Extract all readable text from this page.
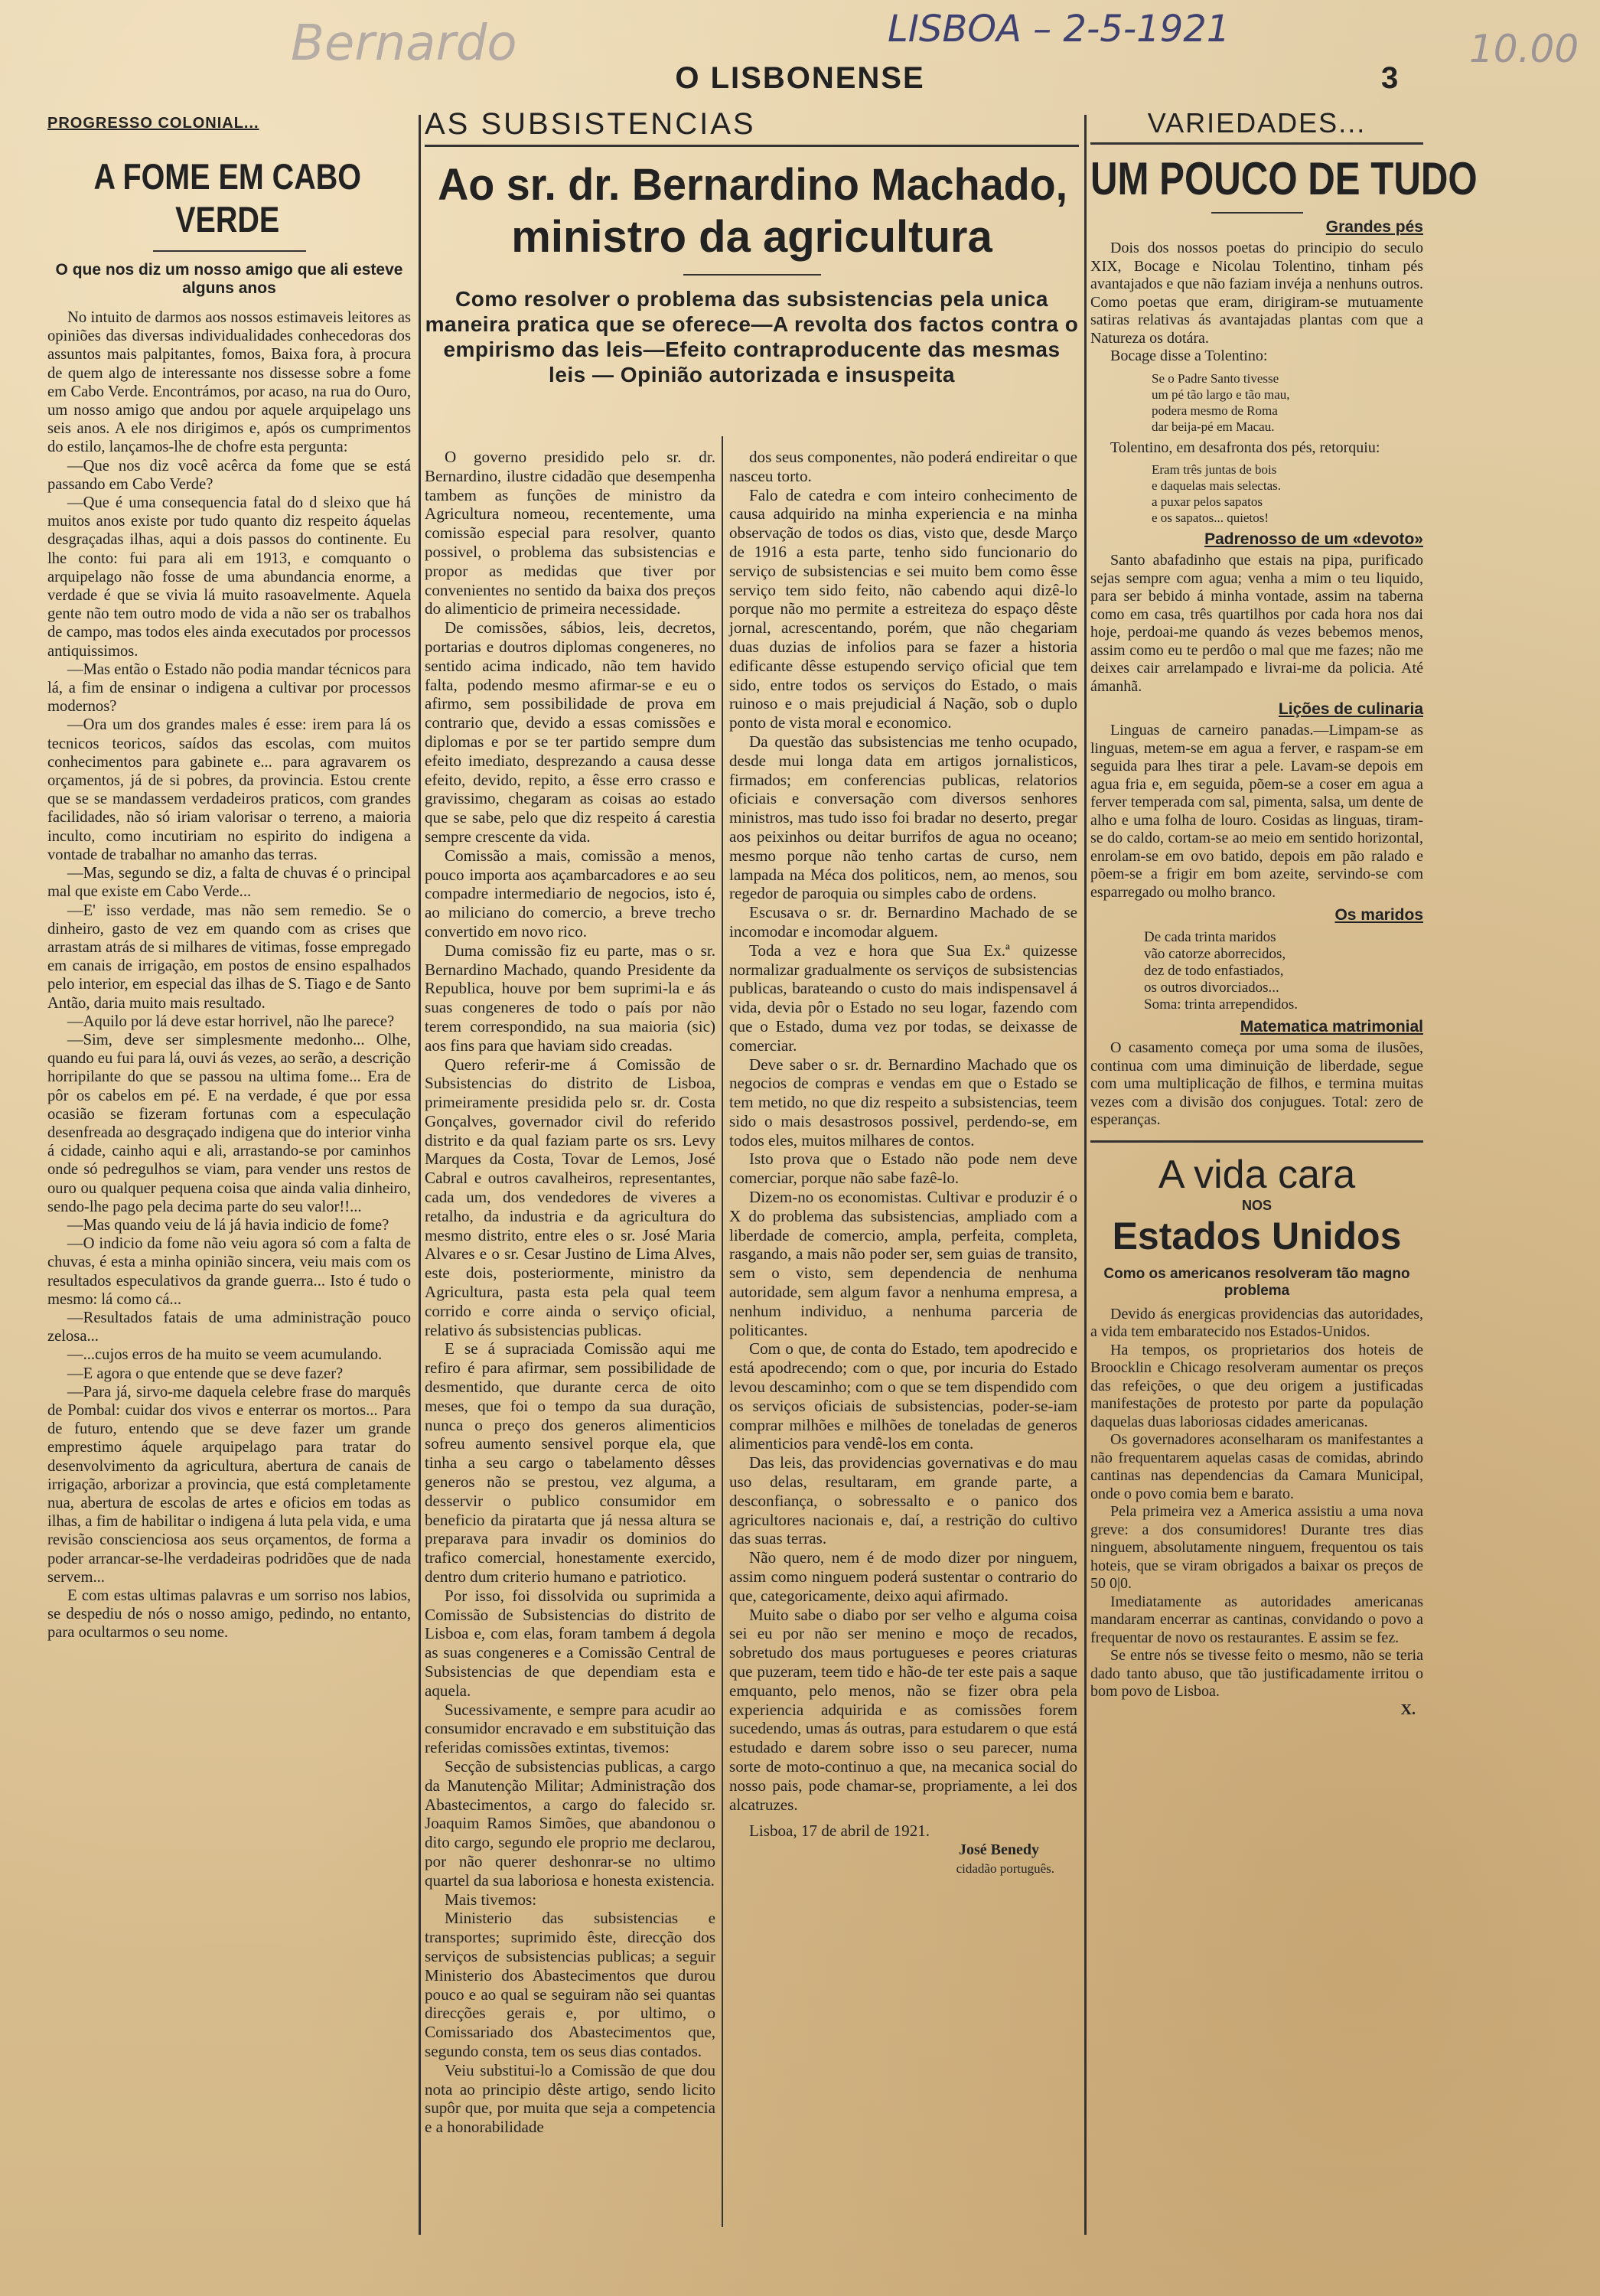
Bernardo	LISBOA – 2-5-1921	10.00
O LISBONENSE	3
PROGRESSO COLONIAL...
A FOME EM CABO VERDE
O que nos diz um nosso amigo que ali esteve alguns anos

No intuito de darmos aos nossos estimaveis leitores as opiniões das diversas individualidades conhecedoras dos assuntos mais palpitantes, fomos, Baixa fora, à procura de quem algo de interessante nos dissesse sobre a fome em Cabo Verde. Encontrámos, por acaso, na rua do Ouro, um nosso amigo que andou por aquele arquipelago uns seis anos. A ele nos dirigimos e, após os cumprimentos do estilo, lançamos-lhe de chofre esta pergunta:

—Que nos diz você acêrca da fome que se está passando em Cabo Verde?

—Que é uma consequencia fatal do d sleixo que há muitos anos existe por tudo quanto diz respeito áquelas desgraçadas ilhas, aqui a dois passos do continente. Eu lhe conto: fui para ali em 1913, e comquanto o arquipelago não fosse de uma abundancia enorme, a verdade é que se vivia lá muito rasoavelmente. Aquela gente não tem outro modo de vida a não ser os trabalhos de campo, mas todos eles ainda executados por processos antiquissimos.

—Mas então o Estado não podia mandar técnicos para lá, a fim de ensinar o indigena a cultivar por processos modernos?

—Ora um dos grandes males é esse: irem para lá os tecnicos teoricos, saídos das escolas, com muitos conhecimentos para gabinete e... para agravarem os orçamentos, já de si pobres, da provincia. Estou crente que se se mandassem verdadeiros praticos, com grandes facilidades, não só iriam valorisar o terreno, a maioria inculto, como incutiriam no espirito do indigena a vontade de trabalhar no amanho das terras.

—Mas, segundo se diz, a falta de chuvas é o principal mal que existe em Cabo Verde...

—E' isso verdade, mas não sem remedio. Se o dinheiro, gasto de vez em quando com as crises que arrastam atrás de si milhares de vitimas, fosse empregado em canais de irrigação, em postos de ensino espalhados pelo interior, em especial das ilhas de S. Tiago e de Santo Antão, daria muito mais resultado.

—Aquilo por lá deve estar horrivel, não lhe parece?

—Sim, deve ser simplesmente medonho... Olhe, quando eu fui para lá, ouvi ás vezes, ao serão, a descrição horripilante do que se passou na ultima fome... Era de pôr os cabelos em pé. E na verdade, é que por essa ocasião se fizeram fortunas com a especulação desenfreada ao desgraçado indigena que do interior vinha á cidade, cainho aqui e ali, arrastando-se por caminhos onde só pedregulhos se viam, para vender uns restos de ouro ou qualquer pequena coisa que ainda valia dinheiro, sendo-lhe pago pela decima parte do seu valor!!...

—Mas quando veiu de lá já havia indicio de fome?

—O indicio da fome não veiu agora só com a falta de chuvas, é esta a minha opinião sincera, veiu mais com os resultados especulativos da grande guerra... Isto é tudo o mesmo: lá como cá...

—Resultados fatais de uma administração pouco zelosa...

—...cujos erros de ha muito se veem acumulando.

—E agora o que entende que se deve fazer?

—Para já, sirvo-me daquela celebre frase do marquês de Pombal: cuidar dos vivos e enterrar os mortos... Para de futuro, entendo que se deve fazer um grande emprestimo áquele arquipelago para tratar do desenvolvimento da agricultura, abertura de canais de irrigação, arborizar a provincia, que está completamente nua, abertura de escolas de artes e oficios em todas as ilhas, a fim de habilitar o indigena á luta pela vida, e uma revisão conscienciosa aos seus orçamentos, de forma a poder arrancar-se-lhe verdadeiras podridões que de nada servem...

E com estas ultimas palavras e um sorriso nos labios, se despediu de nós o nosso amigo, pedindo, no entanto, para ocultarmos o seu nome.

AS SUBSISTENCIAS
Ao sr. dr. Bernardino Machado,
ministro da agricultura
Como resolver o problema das subsistencias pela unica maneira pratica que se oferece—A revolta dos factos contra o empirismo das leis—Efeito contraproducente das mesmas leis — Opinião autorizada e insuspeita

O governo presidido pelo sr. dr. Bernardino, ilustre cidadão que desempenha tambem as funções de ministro da Agricultura nomeou, recentemente, uma comissão especial para resolver, quanto possivel, o problema das subsistencias e propor as medidas que tiver por convenientes no sentido da baixa dos preços do alimenticio de primeira necessidade.

De comissões, sábios, leis, decretos, portarias e doutros diplomas congeneres, no sentido acima indicado, não tem havido falta, podendo mesmo afirmar-se e eu o afirmo, sem possibilidade de prova em contrario que, devido a essas comissões e diplomas e por se ter partido sempre dum efeito imediato, desprezando a causa desse efeito, devido, repito, a êsse erro crasso e gravissimo, chegaram as coisas ao estado que se sabe, pelo que diz respeito á carestia sempre crescente da vida.

Comissão a mais, comissão a menos, pouco importa aos açambarcadores e ao seu compadre intermediario de negocios, isto é, ao miliciano do comercio, a breve trecho convertido em novo rico.

Duma comissão fiz eu parte, mas o sr. Bernardino Machado, quando Presidente da Republica, houve por bem suprimi-la e ás suas congeneres de todo o país por não terem correspondido, na sua maioria (sic) aos fins para que haviam sido creadas.

Quero referir-me á Comissão de Subsistencias do distrito de Lisboa, primeiramente presidida pelo sr. dr. Costa Gonçalves, governador civil do referido distrito e da qual faziam parte os srs. Levy Marques da Costa, Tovar de Lemos, José Cabral e outros cavalheiros, representantes, cada um, dos vendedores de viveres a retalho, da industria e da agricultura do mesmo distrito, entre eles o sr. José Maria Alvares e o sr. Cesar Justino de Lima Alves, este dois, posteriormente, ministro da Agricultura, pasta esta pela qual teem corrido e corre ainda o serviço oficial, relativo ás subsistencias publicas.

E se á supraciada Comissão aqui me refiro é para afirmar, sem possibilidade de desmentido, que durante cerca de oito meses, que foi o tempo da sua duração, nunca o preço dos generos alimenticios sofreu aumento sensivel porque ela, que tinha a seu cargo o tabelamento dêsses generos não se prestou, vez alguma, a desservir o publico consumidor em beneficio da piratarta que já nessa altura se preparava para invadir os dominios do trafico comercial, honestamente exercido, dentro dum criterio humano e patriotico.

Por isso, foi dissolvida ou suprimida a Comissão de Subsistencias do distrito de Lisboa e, com elas, foram tambem á degola as suas congeneres e a Comissão Central de Subsistencias de que dependiam esta e aquela.

Sucessivamente, e sempre para acudir ao consumidor encravado e em substituição das referidas comissões extintas, tivemos:

Secção de subsistencias publicas, a cargo da Manutenção Militar; Administração dos Abastecimentos, a cargo do falecido sr. Joaquim Ramos Simões, que abandonou o dito cargo, segundo ele proprio me declarou, por não querer deshonrar-se no ultimo quartel da sua laboriosa e honesta existencia.

Mais tivemos:

Ministerio das subsistencias e transportes; suprimido êste, direcção dos serviços de subsistencias publicas; a seguir Ministerio dos Abastecimentos que durou pouco e ao qual se seguiram não sei quantas direcções gerais e, por ultimo, o Comissariado dos Abastecimentos que, segundo consta, tem os seus dias contados.

Veiu substitui-lo a Comissão de que dou nota ao principio dêste artigo, sendo licito supôr que, por muita que seja a competencia e a honorabilidade

dos seus componentes, não poderá endireitar o que nasceu torto.

Falo de catedra e com inteiro conhecimento de causa adquirido na minha experiencia e na minha observação de todos os dias, visto que, desde Março de 1916 a esta parte, tenho sido funcionario do serviço de subsistencias e sei muito bem como êsse serviço tem sido feito, não cabendo aqui dizê-lo porque não mo permite a estreiteza do espaço dêste jornal, acrescentando, porém, que não chegariam duas duzias de infolios para se fazer a historia edificante dêsse estupendo serviço oficial que tem sido, entre todos os serviços do Estado, o mais ruinoso e o mais prejudicial á Nação, sob o duplo ponto de vista moral e economico.

Da questão das subsistencias me tenho ocupado, desde mui longa data em artigos jornalisticos, firmados; em conferencias publicas, relatorios oficiais e conversação com diversos senhores ministros, mas tudo isso foi bradar no deserto, pregar aos peixinhos ou deitar burrifos de agua no oceano; mesmo porque não tenho cartas de curso, nem lampada na Méca dos politicos, nem, ao menos, sou regedor de paroquia ou simples cabo de ordens.

Escusava o sr. dr. Bernardino Machado de se incomodar e incomodar alguem.

Toda a vez e hora que Sua Ex.ª quizesse normalizar gradualmente os serviços de subsistencias publicas, barateando o custo do mais indispensavel á vida, devia pôr o Estado no seu logar, fazendo com que o Estado, duma vez por todas, se deixasse de comerciar.

Deve saber o sr. dr. Bernardino Machado que os negocios de compras e vendas em que o Estado se tem metido, no que diz respeito a subsistencias, teem sido o mais desastrosos possivel, perdendo-se, em todos eles, muitos milhares de contos.

Isto prova que o Estado não pode nem deve comerciar, porque não sabe fazê-lo.

Dizem-no os economistas. Cultivar e produzir é o X do problema das subsistencias, ampliado com a liberdade de comercio, ampla, perfeita, completa, rasgando, a mais não poder ser, sem guias de transito, sem o visto, sem dependencia de nenhuma autoridade, sem algum favor a nenhuma empresa, a nenhum individuo, a nenhuma parceria de politicantes.

Com o que, de conta do Estado, tem apodrecido e está apodrecendo; com o que, por incuria do Estado levou descaminho; com o que se tem dispendido com os serviços oficiais de subsistencias, poder-se-iam comprar milhões e milhões de toneladas de generos alimenticios para vendê-los em conta.

Das leis, das providencias governativas e do mau uso delas, resultaram, em grande parte, a desconfiança, o sobressalto e o panico dos agricultores nacionais e, daí, a restrição do cultivo das suas terras.

Não quero, nem é de modo dizer por ninguem, assim como ninguem poderá sustentar o contrario do que, categoricamente, deixo aqui afirmado.

Muito sabe o diabo por ser velho e alguma coisa sei eu por não ser menino e moço de recados, sobretudo dos maus portugueses e peores criaturas que puzeram, teem tido e hão-de ter este pais a saque emquanto, pelo menos, não se fizer obra pela experiencia adquirida e as comissões forem sucedendo, umas ás outras, para estudarem o que está estudado e darem sobre isso o seu parecer, numa sorte de moto-continuo a que, na mecanica social do nosso pais, pode chamar-se, propriamente, a lei dos alcatruzes.

Lisboa, 17 de abril de 1921.

José Benedy
cidadão português.
VARIEDADES...
UM POUCO DE TUDO
Grandes pés

Dois dos nossos poetas do principio do seculo XIX, Bocage e Nicolau Tolentino, tinham pés avantajados e que não faziam invéja a nenhuns outros. Como poetas que eram, dirigiram-se mutuamente satiras relativas ás avantajadas plantas com que a Natureza os dotára.

Bocage disse a Tolentino:

Se o Padre Santo tivesse
um pé tão largo e tão mau,
podera mesmo de Roma
dar beija-pé em Macau.

Tolentino, em desafronta dos pés, retorquiu:

Eram três juntas de bois
e daquelas mais selectas.
a puxar pelos sapatos
e os sapatos... quietos!
Padrenosso de um «devoto»

Santo abafadinho que estais na pipa, purificado sejas sempre com agua; venha a mim o teu liquido, para ser bebido á minha vontade, assim na taberna como em casa, três quartilhos por cada hora nos dai hoje, perdoai-me quando ás vezes bebemos menos, assim como eu te perdôo o mal que me fazes; não me deixes cair arrelampado e livrai-me da policia. Até ámanhã.

Lições de culinaria

Linguas de carneiro panadas.—Limpam-se as linguas, metem-se em agua a ferver, e raspam-se em seguida para lhes tirar a pele. Lavam-se depois em agua fria e, em seguida, põem-se a coser em agua a ferver temperada com sal, pimenta, salsa, um dente de alho e uma folha de louro. Cosidas as linguas, tiram-se do caldo, cortam-se ao meio em sentido horizontal, enrolam-se em ovo batido, depois em pão ralado e põem-se a frigir em bom azeite, servindo-se com esparregado ou molho branco.

Os maridos
De cada trinta maridos
vão catorze aborrecidos,
dez de todo enfastiados,
os outros divorciados...
Soma: trinta arrependidos.
Matematica matrimonial

O casamento começa por uma soma de ilusões, continua com uma diminuição de liberdade, segue com uma multiplicação de filhos, e termina muitas vezes com a divisão dos conjugues. Total: zero de esperanças.

A vida cara
NOS
Estados Unidos
Como os americanos resolveram tão magno problema

Devido ás energicas providencias das autoridades, a vida tem embaratecido nos Estados-Unidos.

Ha tempos, os proprietarios dos hoteis de Broocklin e Chicago resolveram aumentar os preços das refeições, o que deu origem a justificadas manifestações de protesto por parte da população daquelas duas laboriosas cidades americanas.

Os governadores aconselharam os manifestantes a não frequentarem aquelas casas de comidas, abrindo cantinas nas dependencias da Camara Municipal, onde o povo comia bem e barato.

Pela primeira vez a America assistiu a uma nova greve: a dos consumidores! Durante tres dias ninguem, absolutamente ninguem, frequentou os tais hoteis, que se viram obrigados a baixar os preços de 50 0|0.

Imediatamente as autoridades americanas mandaram encerrar as cantinas, convidando o povo a frequentar de novo os restaurantes. E assim se fez.

Se entre nós se tivesse feito o mesmo, não se teria dado tanto abuso, que tão justificadamente irritou o bom povo de Lisboa.

X.
